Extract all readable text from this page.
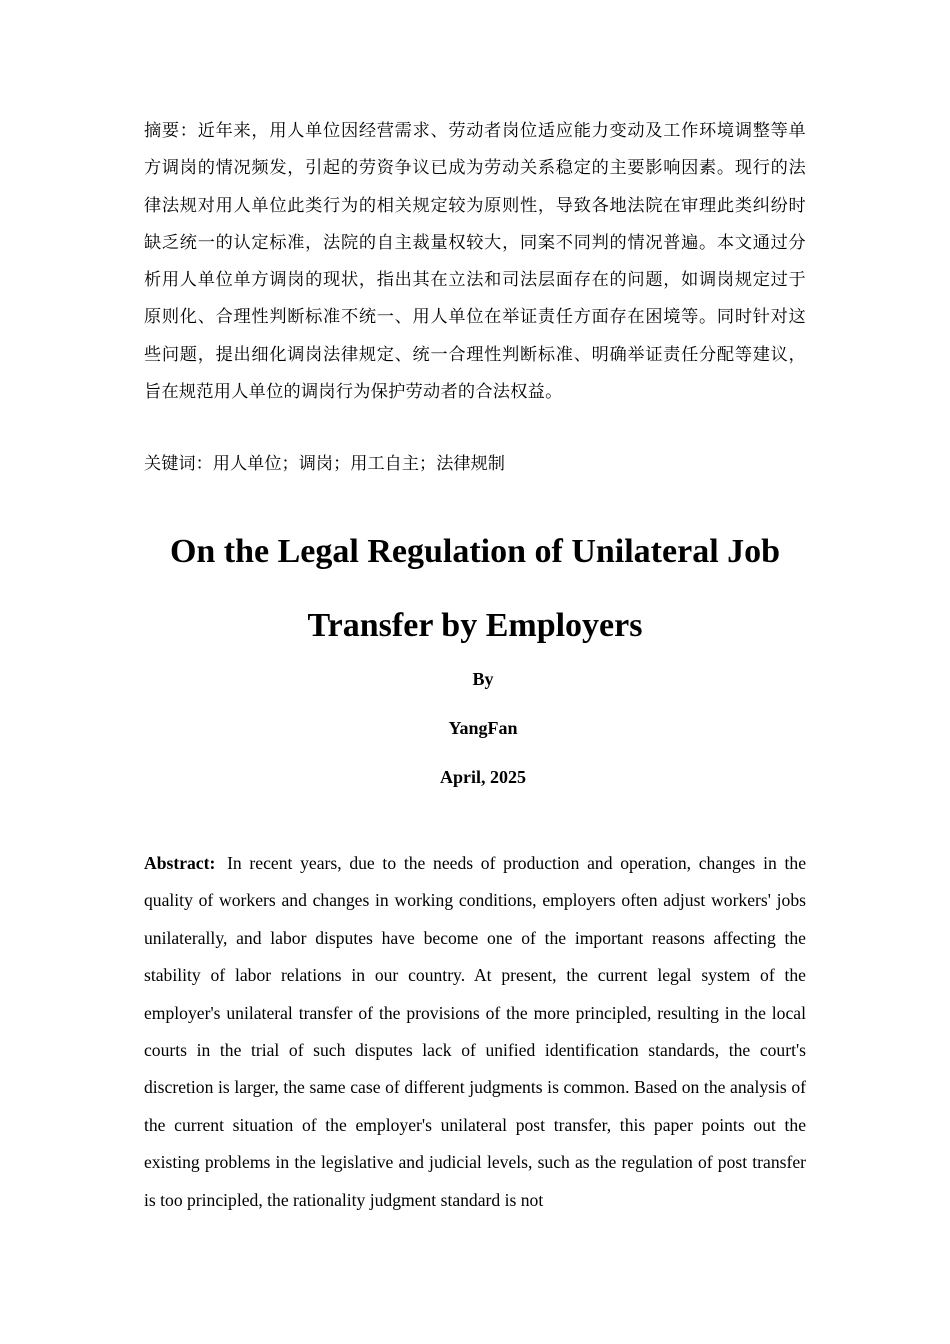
摘要：近年来，用人单位因经营需求、劳动者岗位适应能力变动及工作环境调整等单方调岗的情况频发，引起的劳资争议已成为劳动关系稳定的主要影响因素。现行的法律法规对用人单位此类行为的相关规定较为原则性，导致各地法院在审理此类纠纷时缺乏统一的认定标准，法院的自主裁量权较大，同案不同判的情况普遍。本文通过分析用人单位单方调岗的现状，指出其在立法和司法层面存在的问题，如调岗规定过于原则化、合理性判断标准不统一、用人单位在举证责任方面存在困境等。同时针对这些问题，提出细化调岗法律规定、统一合理性判断标准、明确举证责任分配等建议，旨在规范用人单位的调岗行为保护劳动者的合法权益。
关键词：用人单位；调岗；用工自主；法律规制
On the Legal Regulation of Unilateral Job
Transfer by Employers
By
YangFan
April, 2025
Abstract: In recent years, due to the needs of production and operation, changes in the quality of workers and changes in working conditions, employers often adjust workers' jobs unilaterally, and labor disputes have become one of the important reasons affecting the stability of labor relations in our country. At present, the current legal system of the employer's unilateral transfer of the provisions of the more principled, resulting in the local courts in the trial of such disputes lack of unified identification standards, the court's discretion is larger, the same case of different judgments is common. Based on the analysis of the current situation of the employer's unilateral post transfer, this paper points out the existing problems in the legislative and judicial levels, such as the regulation of post transfer is too principled, the rationality judgment standard is not
